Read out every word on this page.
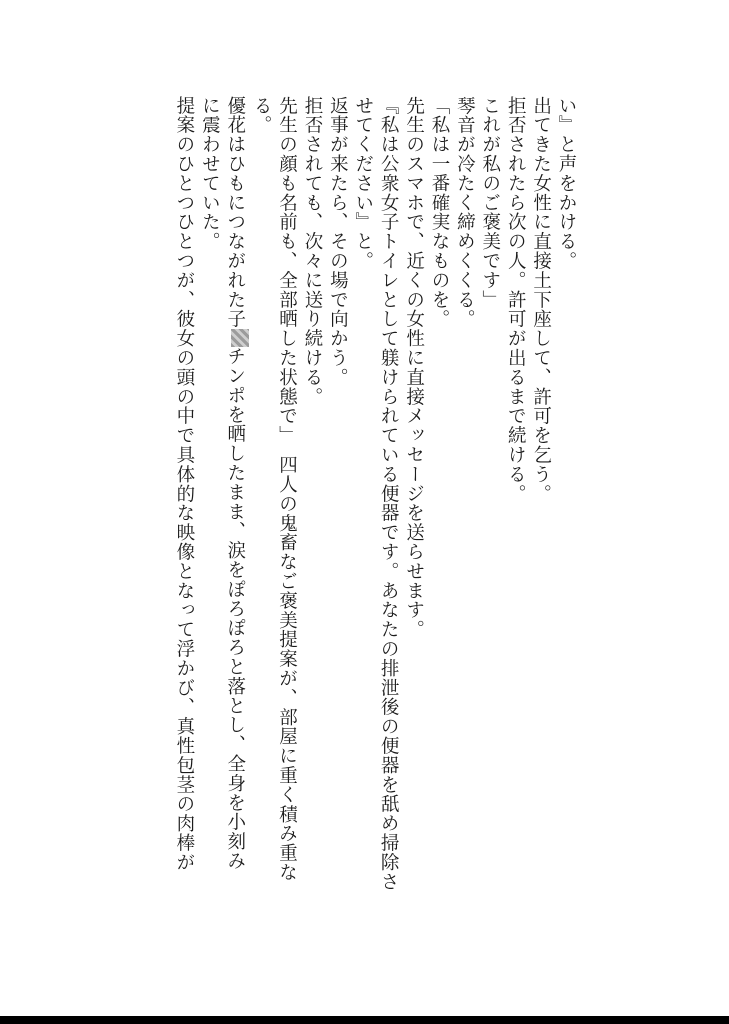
い』と声をかける。
出てきた女性に直接土下座して、許可を乞う。
拒否されたら次の人。許可が出るまで続ける。
これが私のご褒美です」
琴音が冷たく締めくくる。
「私は一番確実なものを。
先生のスマホで、近くの女性に直接メッセージを送らせます。
『私は公衆女子トイレとして躾けられている便器です。あなたの排泄後の便器を舐め掃除さ
せてください』と。
返事が来たら、その場で向かう。
拒否されても、次々に送り続ける。
先生の顔も名前も、全部晒した状態で」　四人の鬼畜なご褒美提案が、部屋に重く積み重な
る。
優花はひもにつながれた子チンポを晒したまま、涙をぽろぽろと落とし、全身を小刻み
に震わせていた。
提案のひとつひとつが、彼女の頭の中で具体的な映像となって浮かび、真性包茎の肉棒が
